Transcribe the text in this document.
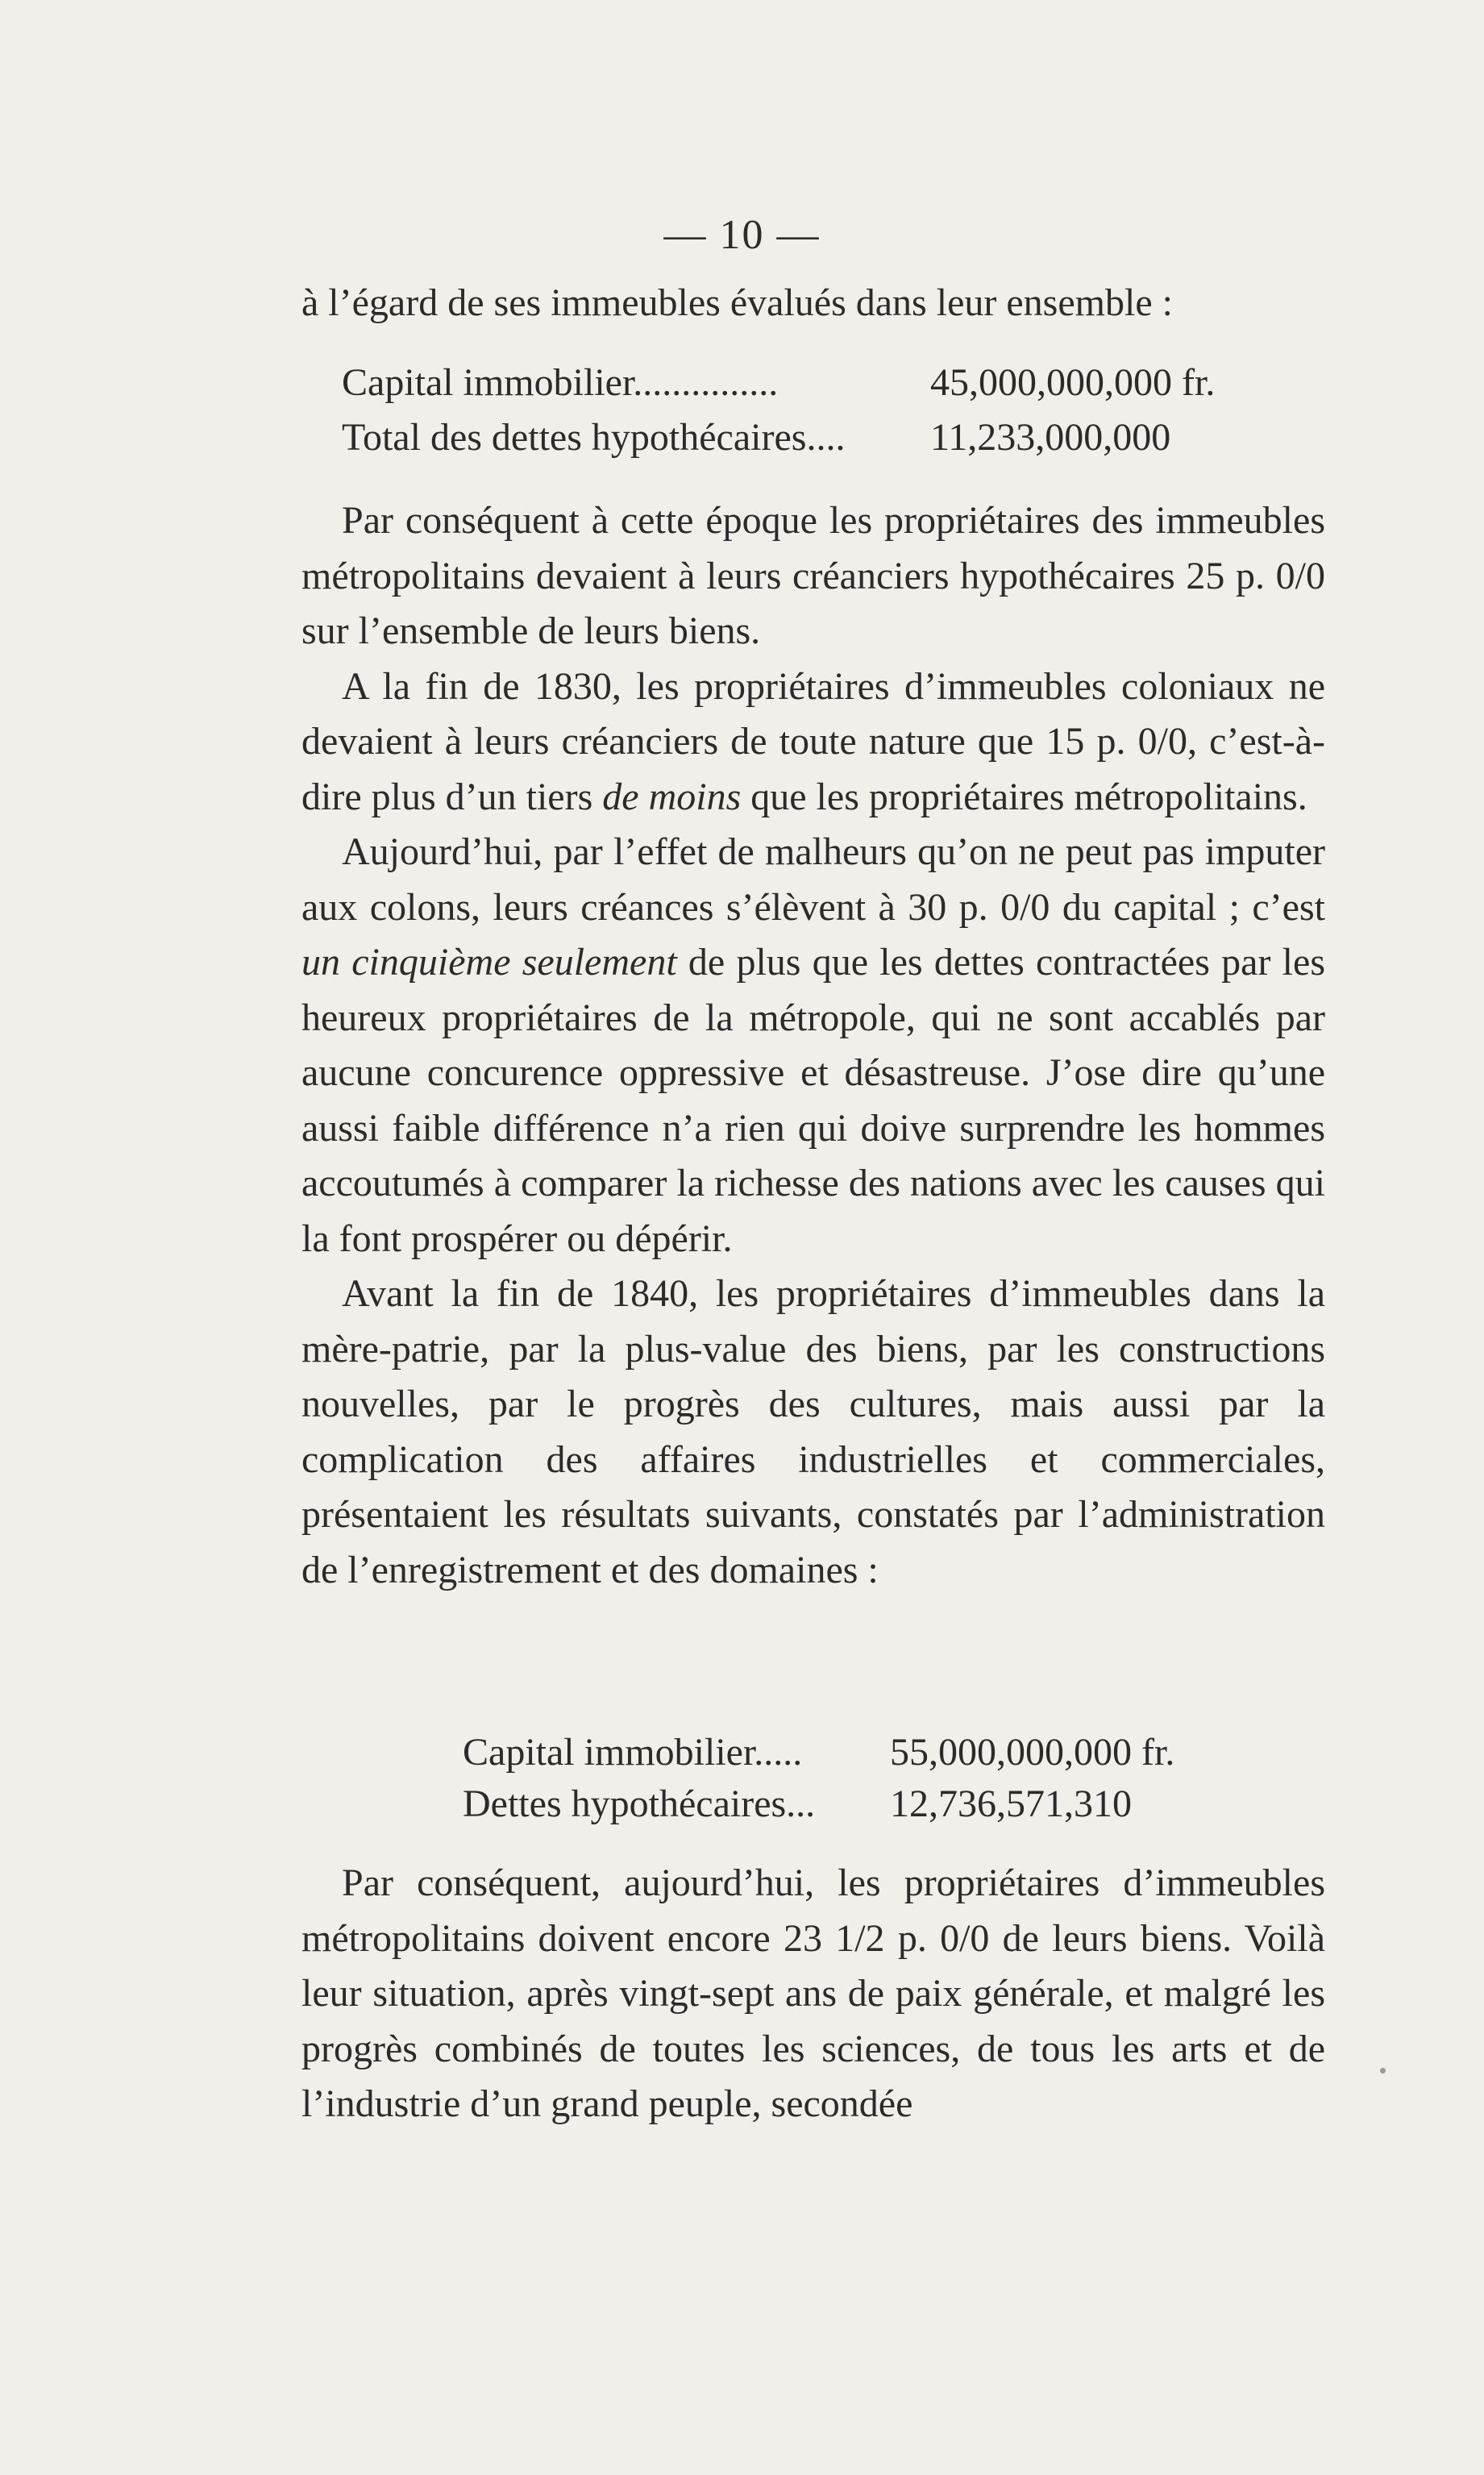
— 10 —

à l’égard de ses immeubles évalués dans leur ensemble :

Capital immobilier...............	45,000,000,000 fr.
Total des dettes hypothécaires.... 11,233,000,000

Par conséquent à cette époque les propriétaires des immeubles métropolitains devaient à leurs créanciers hypothécaires 25 p. 0/0 sur l’ensemble de leurs biens.

A la fin de 1830, les propriétaires d’immeubles coloniaux ne devaient à leurs créanciers de toute nature que 15 p. 0/0, c’est-à-dire plus d’un tiers de moins que les propriétaires métropolitains.

Aujourd’hui, par l’effet de malheurs qu’on ne peut pas imputer aux colons, leurs créances s’élèvent à 30 p. 0/0 du capital ; c’est un cinquième seulement de plus que les dettes contractées par les heureux propriétaires de la métropole, qui ne sont accablés par aucune concurence oppressive et désastreuse. J’ose dire qu’une aussi faible différence n’a rien qui doive surprendre les hommes accoutumés à comparer la richesse des nations avec les causes qui la font prospérer ou dépérir.

Avant la fin de 1840, les propriétaires d’immeubles dans la mère-patrie, par la plus-value des biens, par les constructions nouvelles, par le progrès des cultures, mais aussi par la complication des affaires industrielles et commerciales, présentaient les résultats suivants, constatés par l’administration de l’enregistrement et des domaines :

Capital immobilier..... 55,000,000,000 fr.
Dettes hypothécaires... 12,736,571,310

Par conséquent, aujourd’hui, les propriétaires d’immeubles métropolitains doivent encore 23 1/2 p. 0/0 de leurs biens. Voilà leur situation, après vingt-sept ans de paix générale, et malgré les progrès combinés de toutes les sciences, de tous les arts et de l’industrie d’un grand peuple, secondée
